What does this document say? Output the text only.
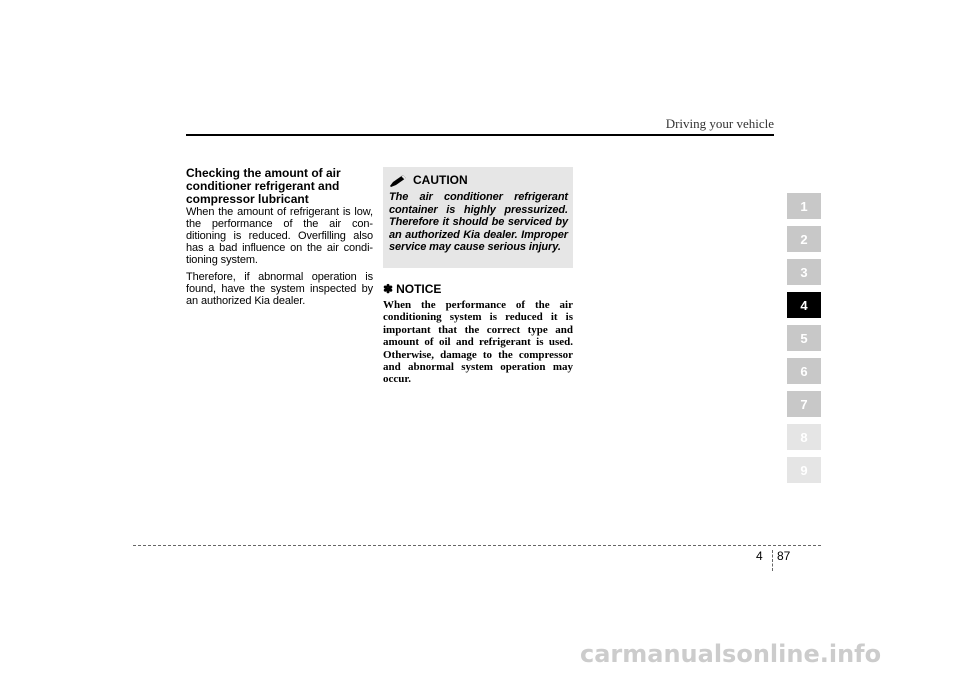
Driving your vehicle
Checking the amount of air conditioner refrigerant and compressor lubricant

When the amount of refrigerant is low, the performance of the air con- ditioning is reduced. Overfilling also has a bad influence on the air condi- tioning system.

Therefore, if abnormal operation is found, have the system inspected by an authorized Kia dealer.

CAUTION

The air conditioner refrigerant container is highly pressurized. Therefore it should be serviced by an authorized Kia dealer. Improper service may cause serious injury.

✽ NOTICE

When the performance of the air conditioning system is reduced it is important that the correct type and amount of oil and refrigerant is used. Otherwise, damage to the compressor and abnormal system operation may occur.

1
2
3
4
5
6
7
8
9
4 87
carmanualsonline.info
